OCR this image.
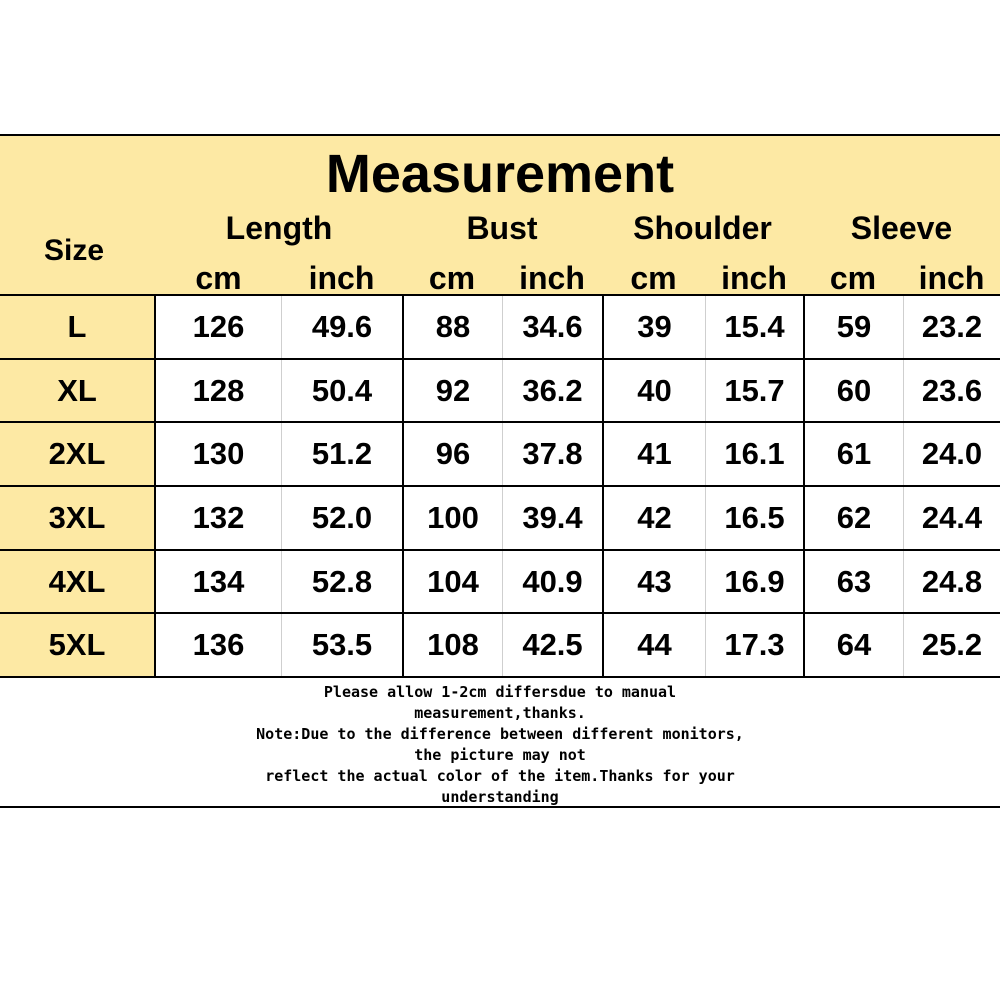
Measurement
Size
Length	Bust	Shoulder	Sleeve
cm	inch	cm	inch	cm	inch	cm	inch
L	126	49.6	88	34.6	39	15.4	59	23.2
XL	128	50.4	92	36.2	40	15.7	60	23.6
2XL	130	51.2	96	37.8	41	16.1	61	24.0
3XL	132	52.0	100	39.4	42	16.5	62	24.4
4XL	134	52.8	104	40.9	43	16.9	63	24.8
5XL	136	53.5	108	42.5	44	17.3	64	25.2
Please allow 1-2cm differsdue to manual
measurement,thanks.
Note:Due to the difference between different monitors,
the picture may not
reflect the actual color of the item.Thanks for your
understanding
